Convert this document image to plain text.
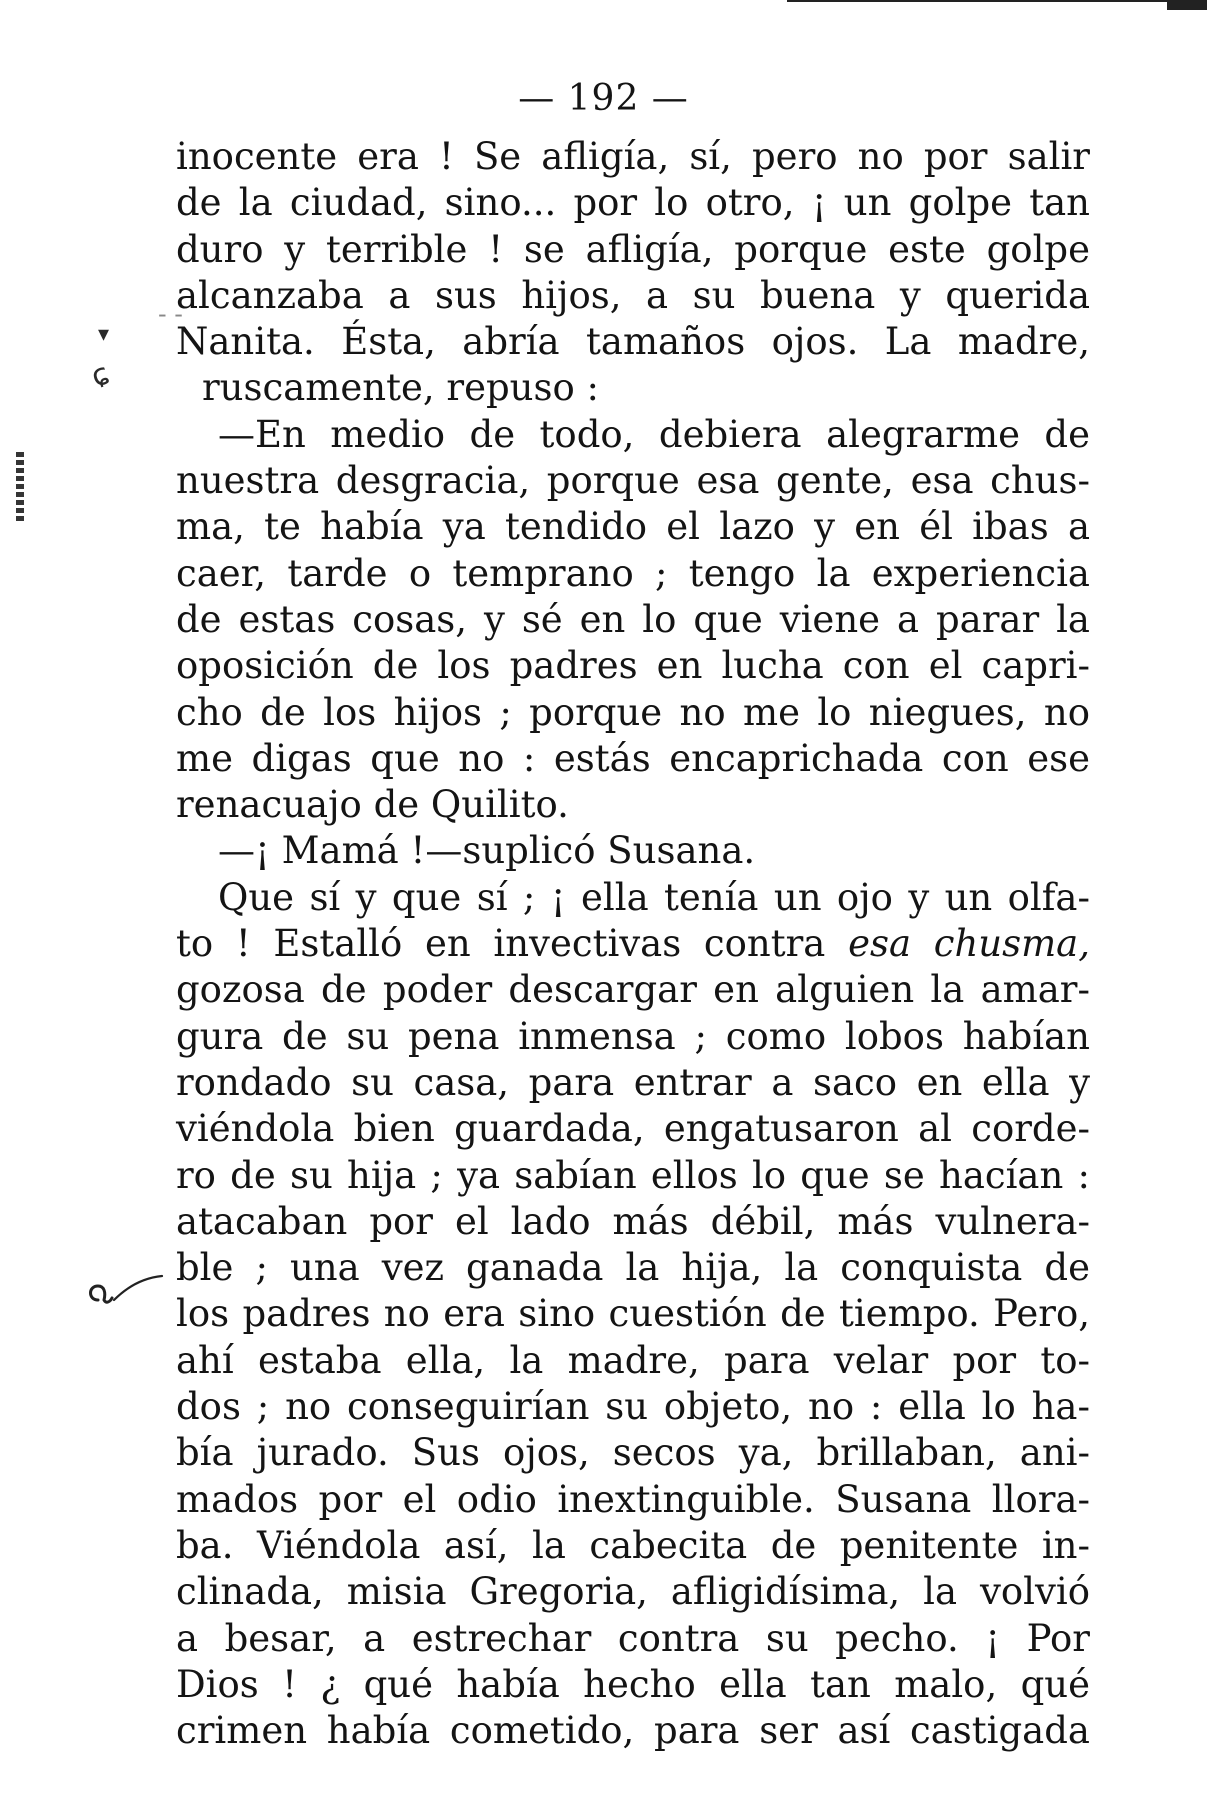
— 192 —
- -
▾
ɕ
inocente era ! Se afligía, sí, pero no por salir
de la ciudad, sino... por lo otro, ¡ un golpe tan
duro y terrible ! se afligía, porque este golpe
alcanzaba a sus hijos, a su buena y querida
Nanita. Ésta, abría tamaños ojos. La madre,
ruscamente, repuso :
—En medio de todo, debiera alegrarme de
nuestra desgracia, porque esa gente, esa chus-
ma, te había ya tendido el lazo y en él ibas a
caer, tarde o temprano ; tengo la experiencia
de estas cosas, y sé en lo que viene a parar la
oposición de los padres en lucha con el capri-
cho de los hijos ; porque no me lo niegues, no
me digas que no : estás encaprichada con ese
renacuajo de Quilito.
—¡ Mamá !—suplicó Susana.
Que sí y que sí ; ¡ ella tenía un ojo y un olfa-
to ! Estalló en invectivas contra esa chusma,
gozosa de poder descargar en alguien la amar-
gura de su pena inmensa ; como lobos habían
rondado su casa, para entrar a saco en ella y
viéndola bien guardada, engatusaron al corde-
ro de su hija ; ya sabían ellos lo que se hacían :
atacaban por el lado más débil, más vulnera-
ble ; una vez ganada la hija, la conquista de
los padres no era sino cuestión de tiempo. Pero,
ahí estaba ella, la madre, para velar por to-
dos ; no conseguirían su objeto, no : ella lo ha-
bía jurado. Sus ojos, secos ya, brillaban, ani-
mados por el odio inextinguible. Susana llora-
ba. Viéndola así, la cabecita de penitente in-
clinada, misia Gregoria, afligidísima, la volvió
a besar, a estrechar contra su pecho. ¡ Por
Dios ! ¿ qué había hecho ella tan malo, qué
crimen había cometido, para ser así castigada
